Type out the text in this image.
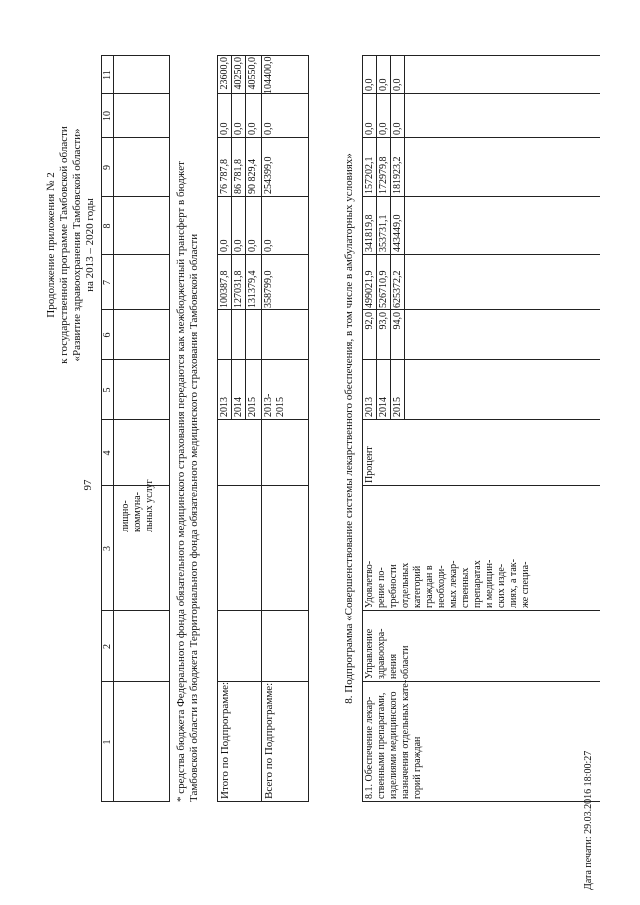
97
Продолжение приложения № 2 к государственной программе Тамбовской области «Развитие здравоохранения Тамбовской области» на 2013 – 2020 годы
1
2
3
4
5
6
7
8
9
10
11
лищно- коммуна- льных услуг * средства бюджета Федерального фонда обязательного медицинского страхования передаются как межбюджетный трансферт в бюджет Тамбовской области из бюджета Территориального фонда обязательного медицинского страхования Тамбовской области Итого по Подпрограмме:
2013
100387,8
0,0
76 787,8
0,0
23600,0
2014
127031,8
0,0
86 781,8
0,0
40250,0
2015
131379,4
0,0
90 829,4
0,0
40550,0
Всего по Подпрограмме:
2013- 2015
358799,0
0,0
254399,0
0,0
104400,0
8. Подпрограмма «Совершенствование системы лекарственного обеспечения, в том числе в амбулаторных условиях»
8.1. Обеспечение лекар- ственными препаратами, изделиями медицинского назначения отдельных кате- горий граждан
Управление здравоохра- нения области
Удовлетво- рение по- требности отдельных категорий граждан в необходи- мых лекар- ственных препаратах и медицин- ских изде- лиях, а так- же специа-
Процент
2013
92,0
499021,9
341819,8
157202,1
0,0
0,0
2014
93,0
526710,9
353731,1
172979,8
0,0
0,0
2015
94,0
625372,2
443449,0
181923,2
0,0
0,0
Дата печати: 29.03.2016 18:00:27
